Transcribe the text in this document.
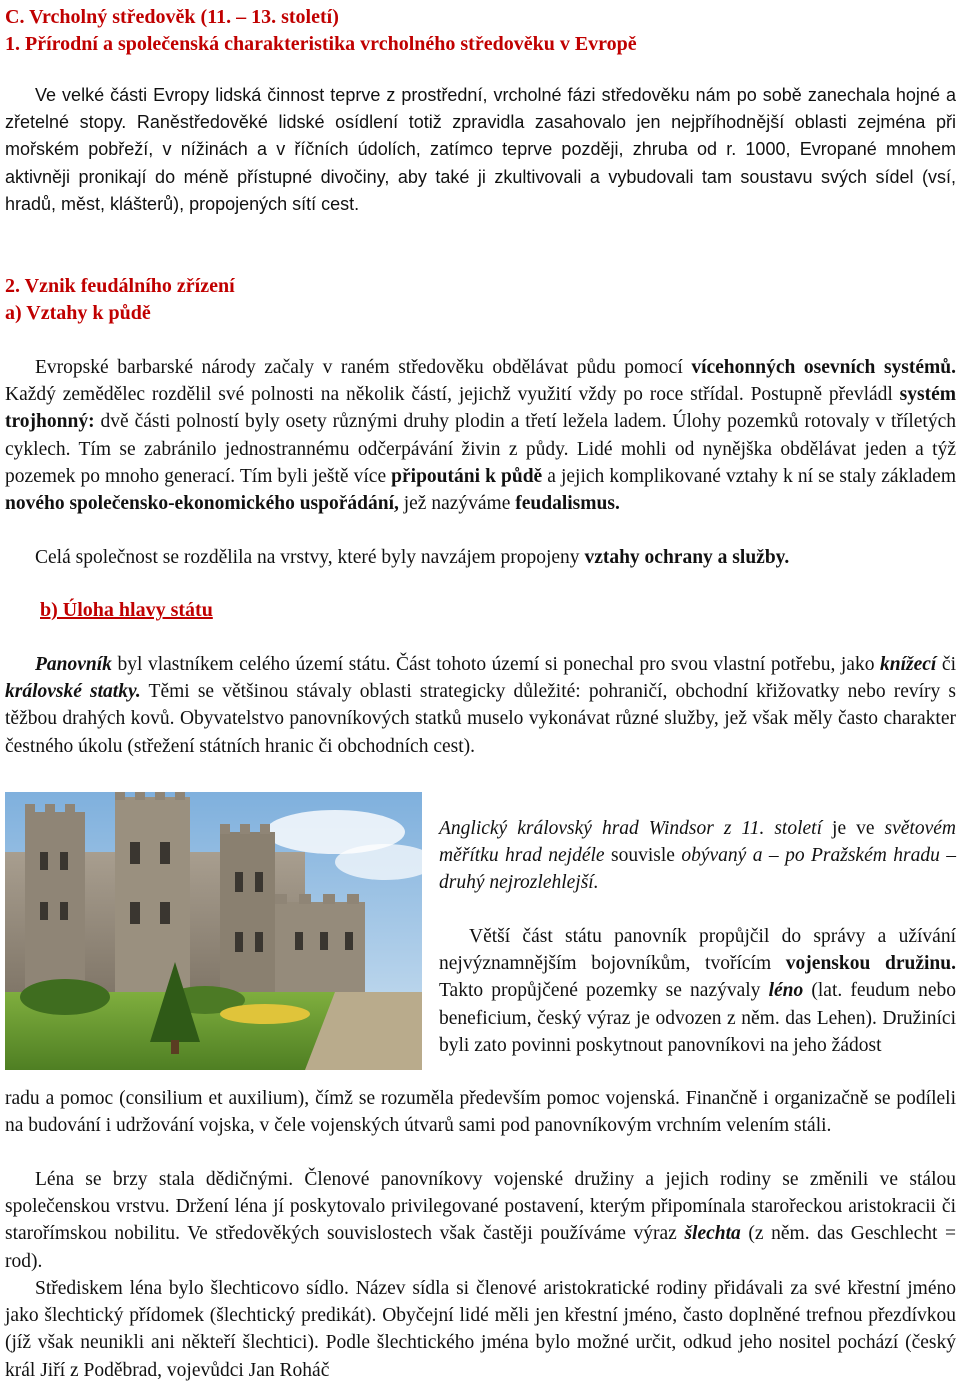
C. Vrcholný středověk (11. – 13. století)
1. Přírodní a společenská charakteristika vrcholného středověku v Evropě

Ve velké části Evropy lidská činnost teprve z prostřední, vrcholné fázi středověku nám po sobě zanechala hojné a zřetelné stopy. Raněstředověké lidské osídlení totiž zpravidla zasahovalo jen nejpříhodnější oblasti zejména při mořském pobřeží, v nížinách a v říčních údolích, zatímco teprve později, zhruba od r. 1000, Evropané mnohem aktivněji pronikají do méně přístupné divočiny, aby také ji zkultivovali a vybudovali tam soustavu svých sídel (vsí, hradů, měst, klášterů), propojených sítí cest.

2. Vznik feudálního zřízení
a) Vztahy k půdě

Evropské barbarské národy začaly v raném středověku obdělávat půdu pomocí vícehonných osevních systémů. Každý zemědělec rozdělil své polnosti na několik částí, jejichž využití vždy po roce střídal. Postupně převládl systém trojhonný: dvě části polností byly osety různými druhy plodin a třetí ležela ladem. Úlohy pozemků rotovaly v tříletých cyklech. Tím se zabránilo jednostrannému odčerpávání živin z půdy. Lidé mohli od nynějška obdělávat jeden a týž pozemek po mnoho generací. Tím byli ještě více připoutáni k půdě a jejich komplikované vztahy k ní se staly základem nového společensko-ekonomického uspořádání, jež nazýváme feudalismus.

Celá společnost se rozdělila na vrstvy, které byly navzájem propojeny vztahy ochrany a služby.

b) Úloha hlavy státu

Panovník byl vlastníkem celého území státu. Část tohoto území si ponechal pro svou vlastní potřebu, jako knížecí či královské statky. Těmi se většinou stávaly oblasti strategicky důležité: pohraničí, obchodní křižovatky nebo revíry s těžbou drahých kovů. Obyvatelstvo panovníkových statků muselo vykonávat různé služby, jež však měly často charakter čestného úkolu (střežení státních hranic či obchodních cest).

Anglický královský hrad Windsor z 11. století je ve světovém měřítku hrad nejdéle souvisle obývaný a – po Pražském hradu – druhý nejrozlehlejší.

Větší část státu panovník propůjčil do správy a užívání nejvýznamnějším bojovníkům, tvořícím vojenskou družinu. Takto propůjčené pozemky se nazývaly léno (lat. feudum nebo beneficium, český výraz je odvozen z něm. das Lehen). Družiníci byli zato povinni poskytnout panovníkovi na jeho žádost

radu a pomoc (consilium et auxilium), čímž se rozuměla především pomoc vojenská. Finančně i organizačně se podíleli na budování i udržování vojska, v čele vojenských útvarů sami pod panovníkovým vrchním velením stáli.

Léna se brzy stala dědičnými. Členové panovníkovy vojenské družiny a jejich rodiny se změnili ve stálou společenskou vrstvu. Držení léna jí poskytovalo privilegované postavení, kterým připomínala starořeckou aristokracii či starořímskou nobilitu. Ve středověkých souvislostech však častěji používáme výraz šlechta (z něm. das Geschlecht = rod).

Střediskem léna bylo šlechticovo sídlo. Název sídla si členové aristokratické rodiny přidávali za své křestní jméno jako šlechtický přídomek (šlechtický predikát). Obyčejní lidé měli jen křestní jméno, často doplněné trefnou přezdívkou (jíž však neunikli ani někteří šlechtici). Podle šlechtického jména bylo možné určit, odkud jeho nositel pochází (český král Jiří z Poděbrad, vojevůdci Jan Roháč
